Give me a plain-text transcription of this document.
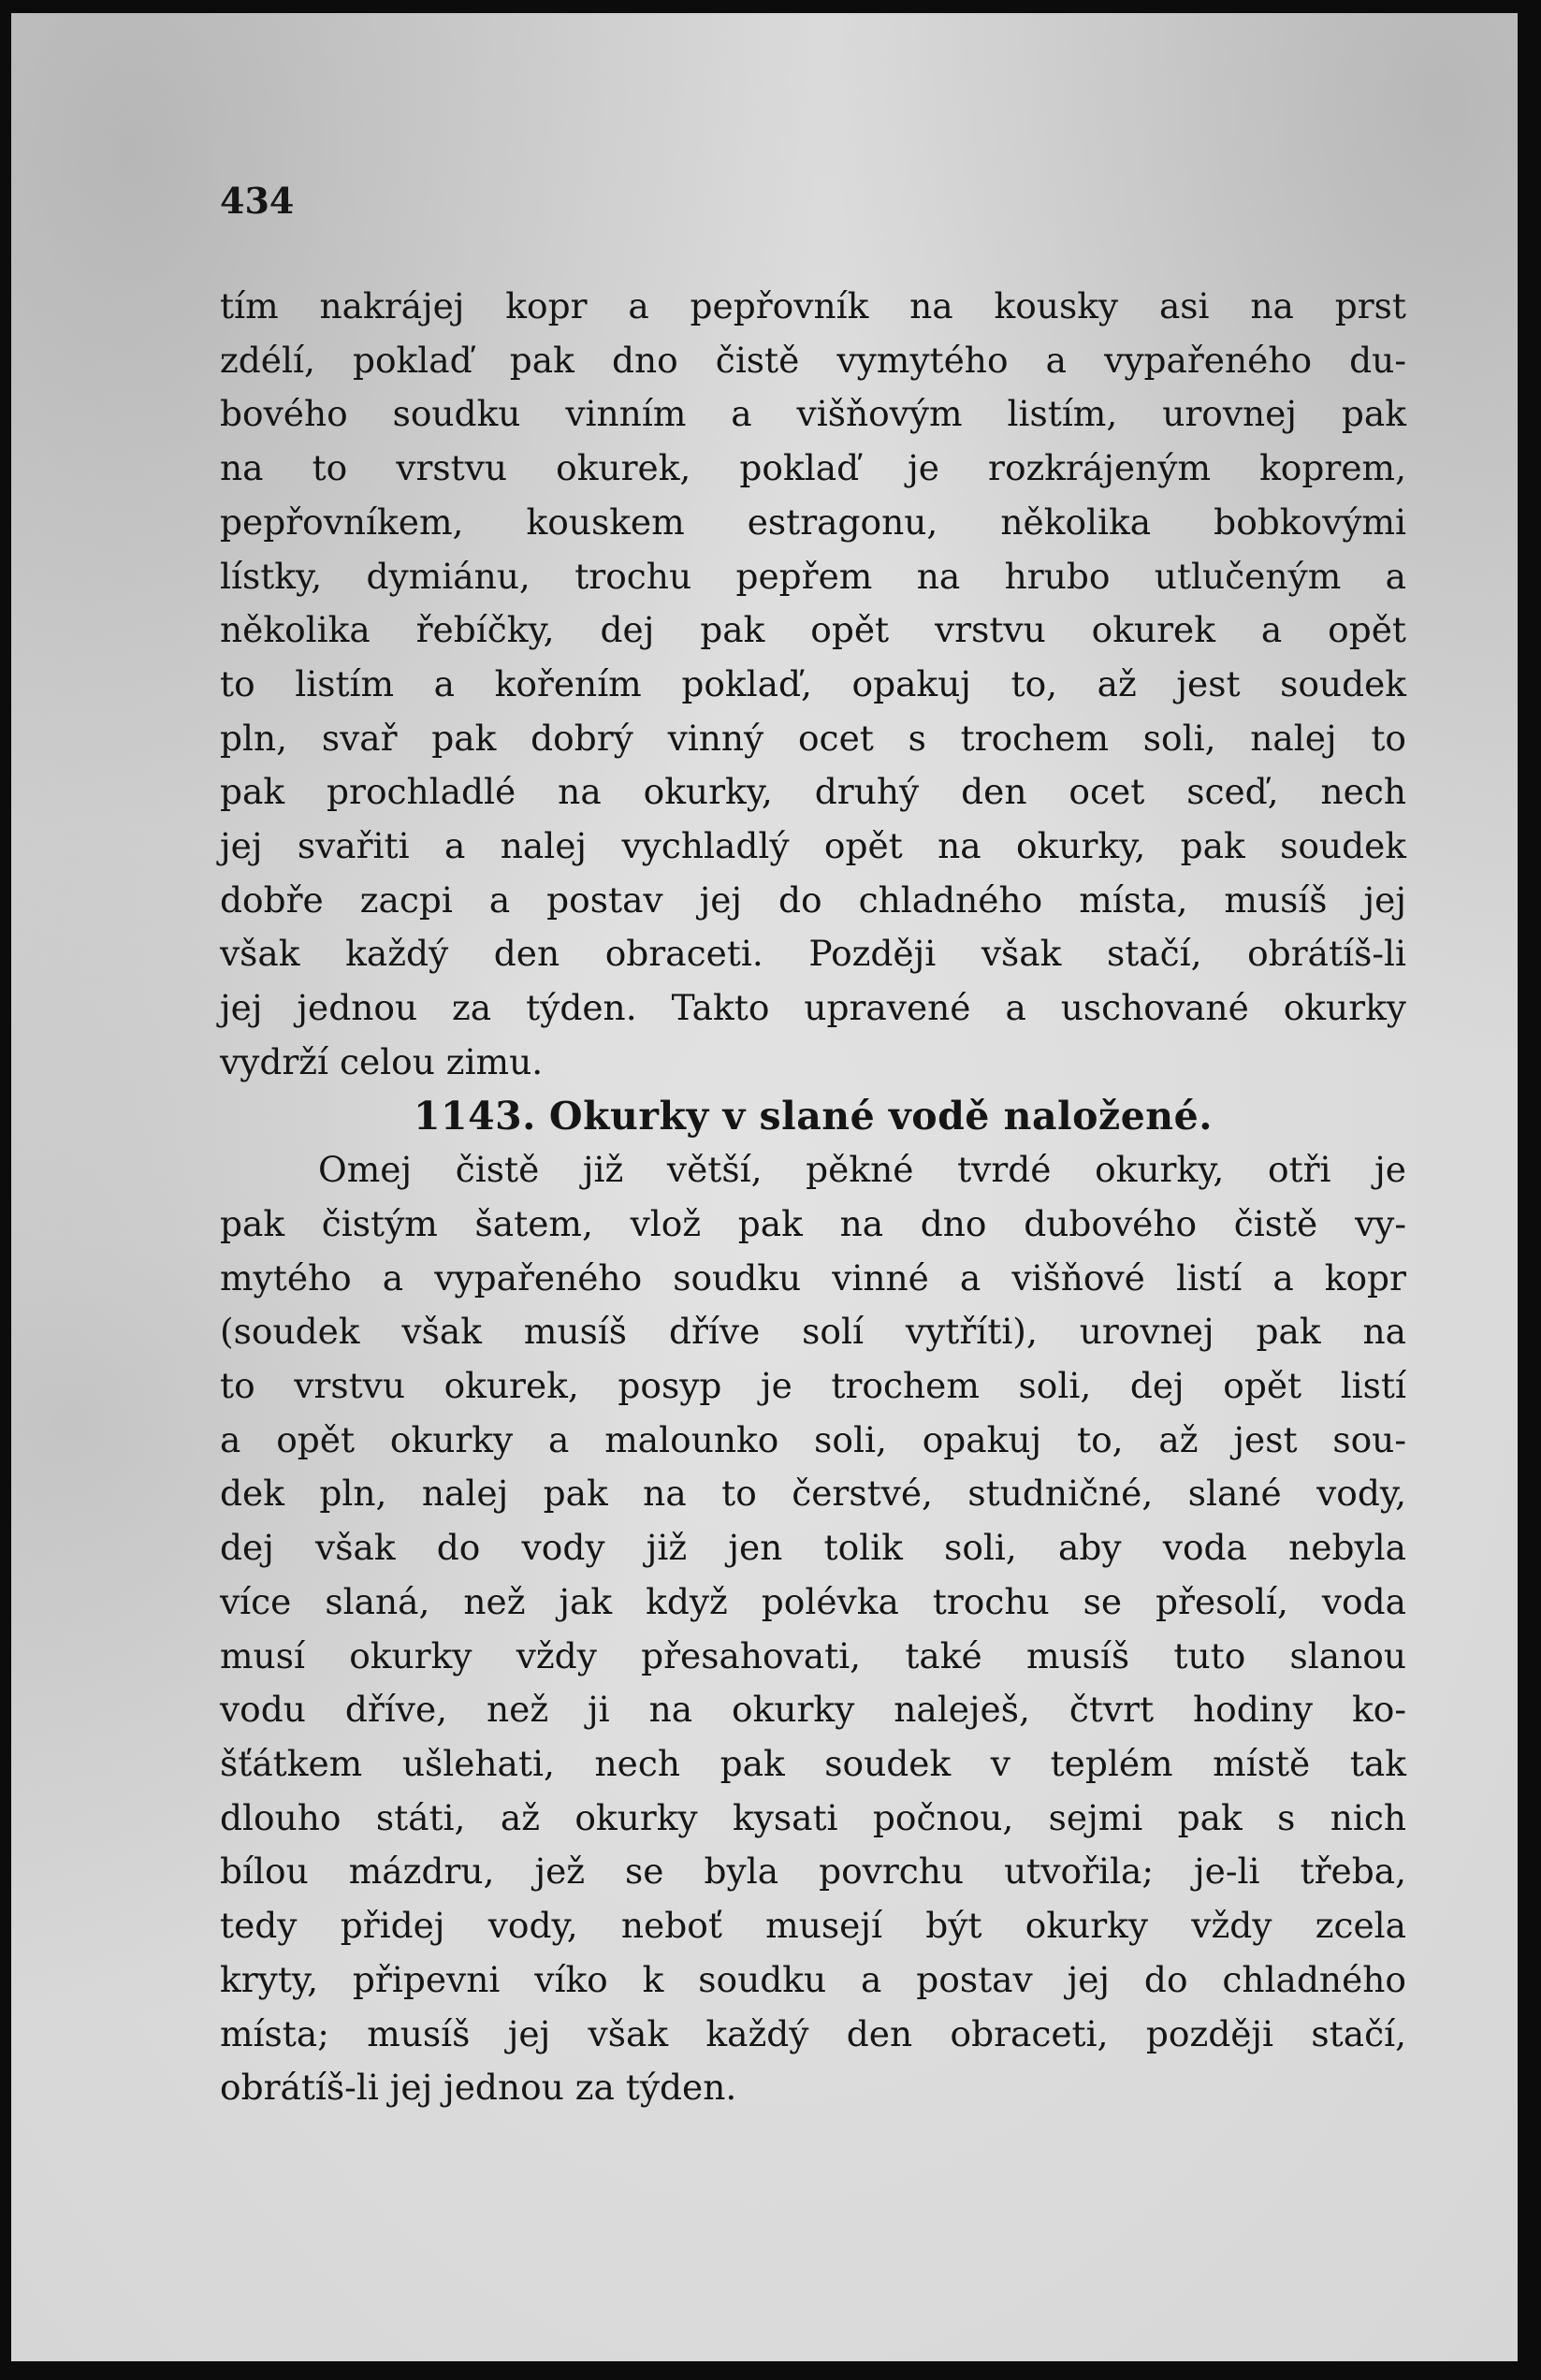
434

tím nakrájej kopr a pepřovník na kousky asi na prst
zdélí, poklaď pak dno čistě vymytého a vypařeného du-
bového soudku vinním a višňovým listím, urovnej pak
na to vrstvu okurek, poklaď je rozkrájeným koprem,
pepřovníkem, kouskem estragonu, několika bobkovými
lístky, dymiánu, trochu pepřem na hrubo utlučeným a
několika řebíčky, dej pak opět vrstvu okurek a opět
to listím a kořením poklaď, opakuj to, až jest soudek
pln, svař pak dobrý vinný ocet s trochem soli, nalej to
pak prochladlé na okurky, druhý den ocet sceď, nech
jej svařiti a nalej vychladlý opět na okurky, pak soudek
dobře zacpi a postav jej do chladného místa, musíš jej
však každý den obraceti. Později však stačí, obrátíš-li
jej jednou za týden. Takto upravené a uschované okurky
vydrží celou zimu.
1143. Okurky v slané vodě naložené.
Omej čistě již větší, pěkné tvrdé okurky, otři je
pak čistým šatem, vlož pak na dno dubového čistě vy-
mytého a vypařeného soudku vinné a višňové listí a kopr
(soudek však musíš dříve solí vytříti), urovnej pak na
to vrstvu okurek, posyp je trochem soli, dej opět listí
a opět okurky a malounko soli, opakuj to, až jest sou-
dek pln, nalej pak na to čerstvé, studničné, slané vody,
dej však do vody již jen tolik soli, aby voda nebyla
více slaná, než jak když polévka trochu se přesolí, voda
musí okurky vždy přesahovati, také musíš tuto slanou
vodu dříve, než ji na okurky naleješ, čtvrt hodiny ko-
šťátkem ušlehati, nech pak soudek v teplém místě tak
dlouho státi, až okurky kysati počnou, sejmi pak s nich
bílou mázdru, jež se byla povrchu utvořila; je-li třeba,
tedy přidej vody, neboť musejí být okurky vždy zcela
kryty, připevni víko k soudku a postav jej do chladného
místa; musíš jej však každý den obraceti, později stačí,
obrátíš-li jej jednou za týden.
